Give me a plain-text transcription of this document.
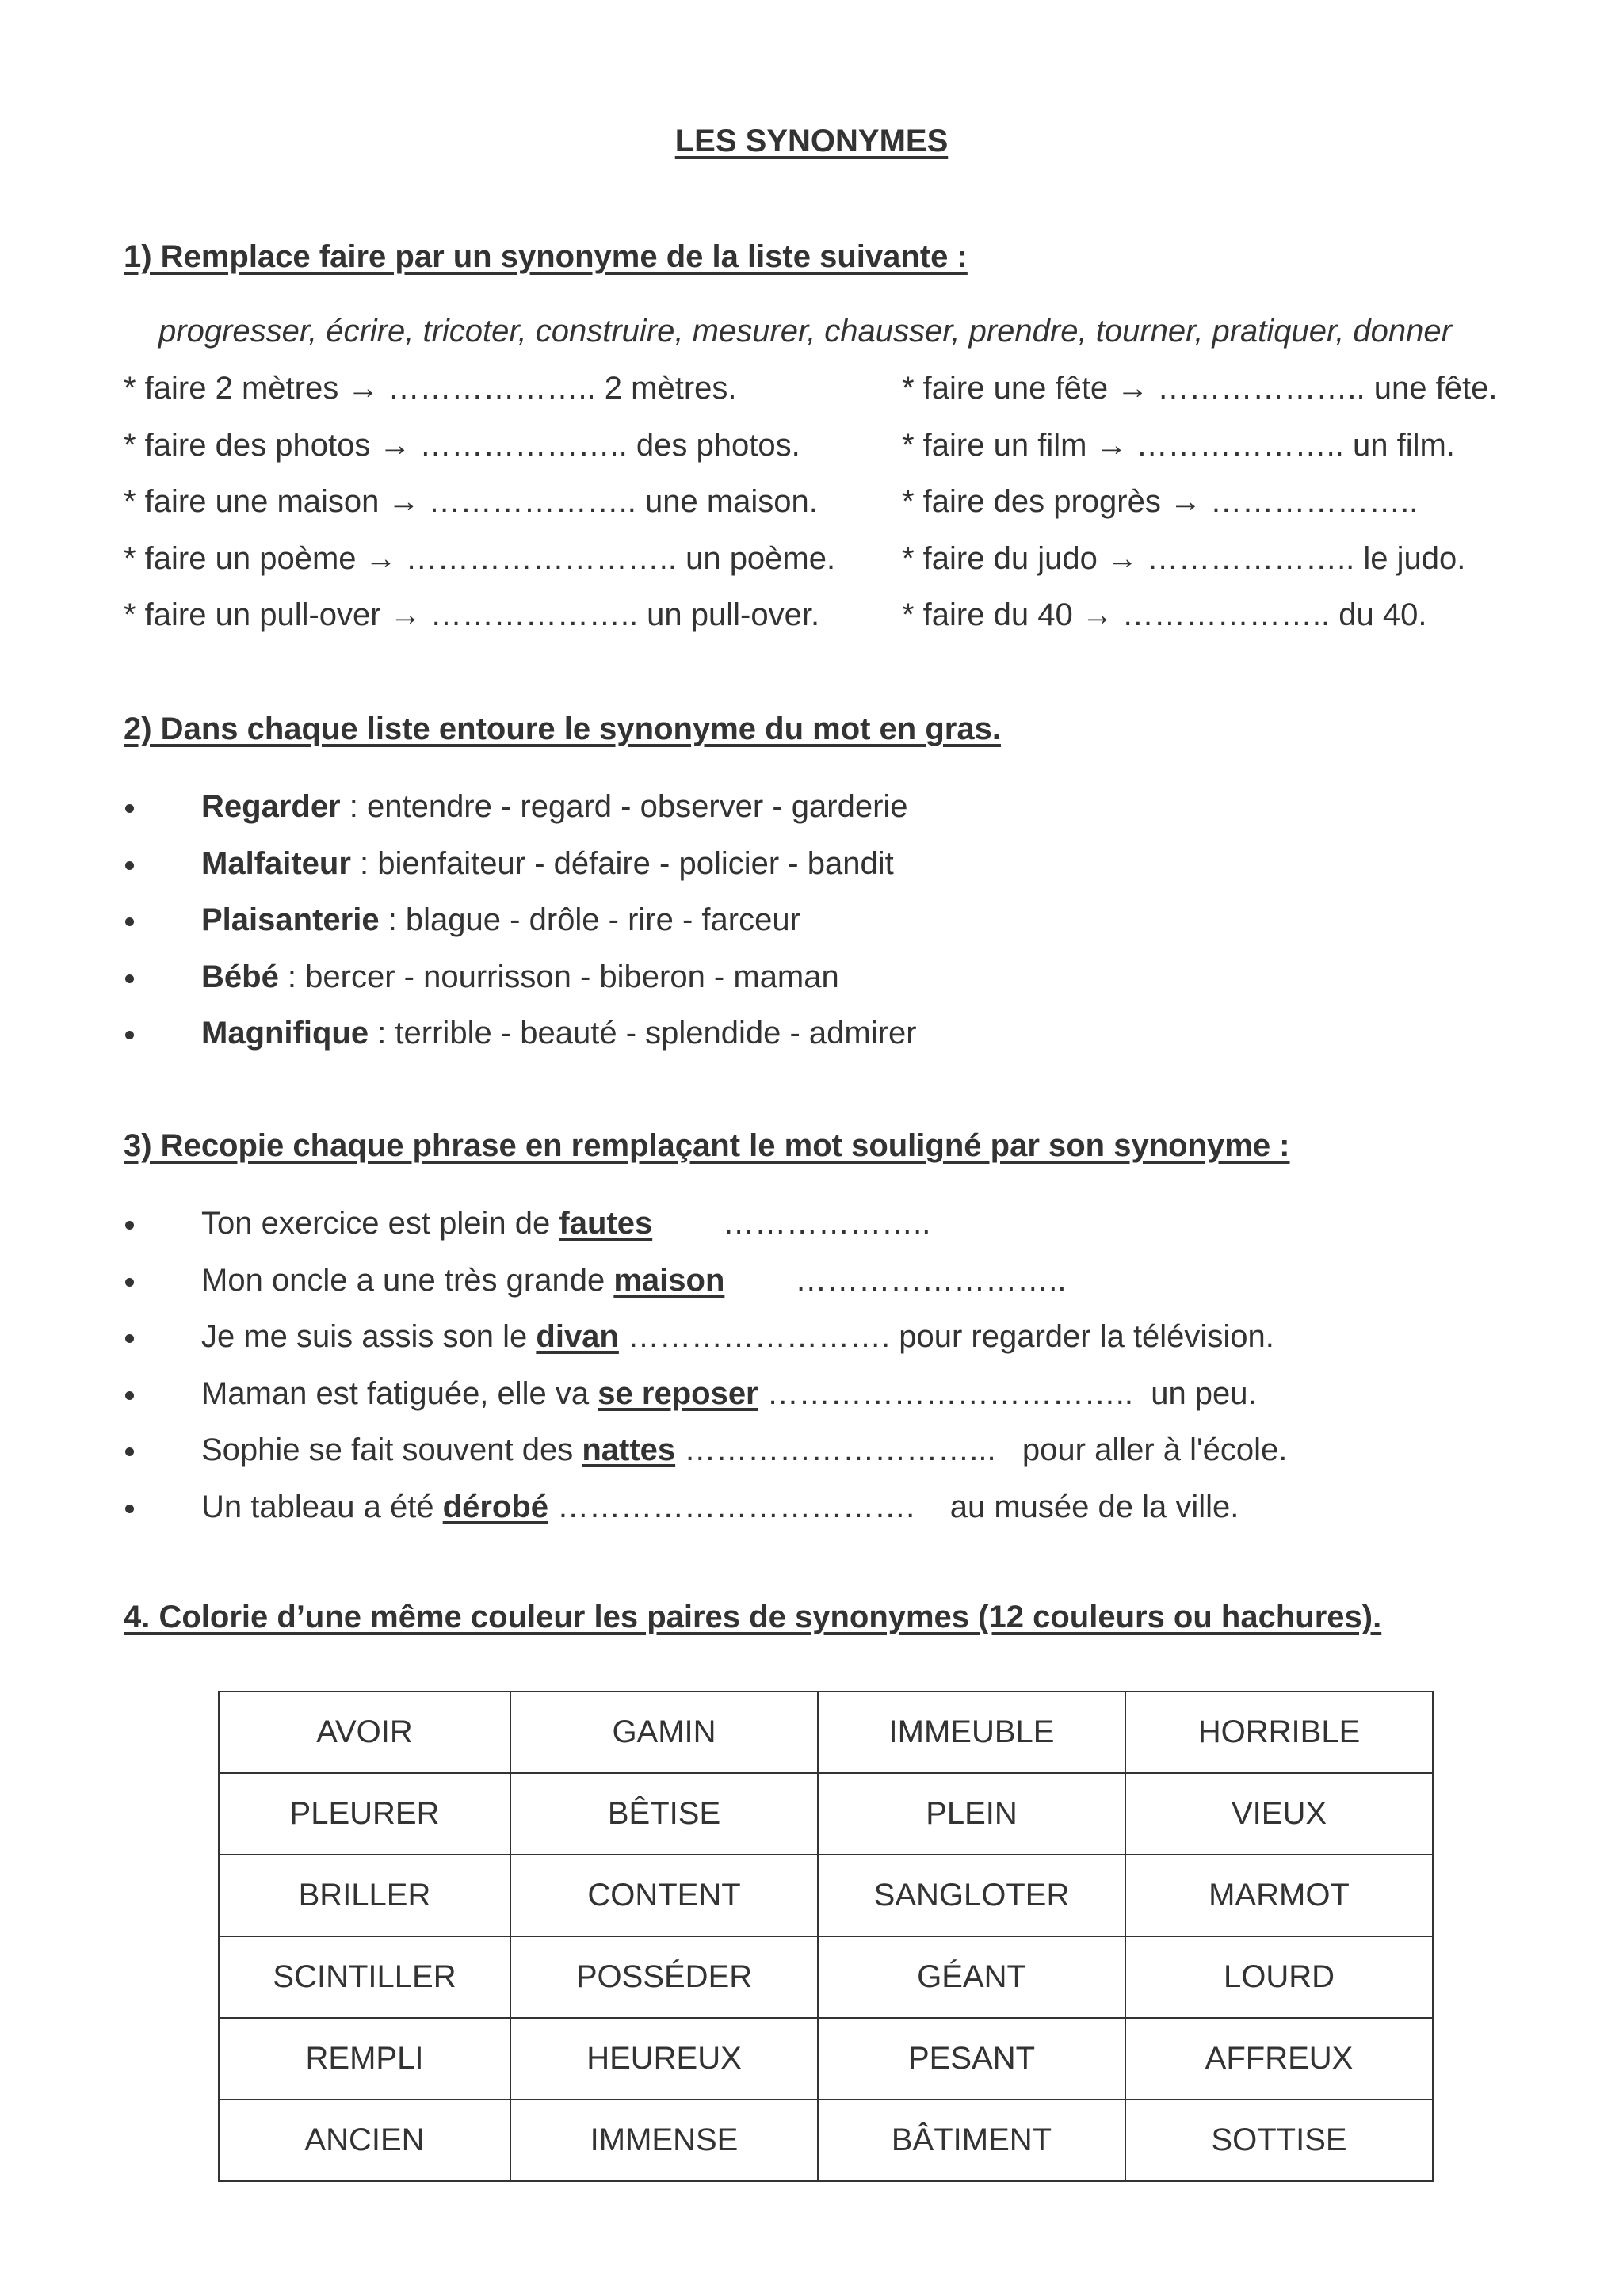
LES SYNONYMES
1) Remplace faire par un synonyme de la liste suivante :
progresser, écrire, tricoter, construire, mesurer, chausser, prendre, tourner, pratiquer, donner
* faire 2 mètres → ……………….. 2 mètres.
* faire des photos → ……………….. des photos.
* faire une maison → ……………….. une maison.
* faire un poème → …………………….. un poème.
* faire un pull-over → ……………….. un pull-over.
* faire une fête → ……………….. une fête.
* faire un film → ……………….. un film.
* faire des progrès → ………………..
* faire du judo → ……………….. le judo.
* faire du 40 → ……………….. du 40.
2) Dans chaque liste entoure le synonyme du mot en gras.
Regarder : entendre - regard - observer - garderie
Malfaiteur : bienfaiteur - défaire - policier - bandit
Plaisanterie : blague - drôle - rire - farceur
Bébé : bercer - nourrisson - biberon - maman
Magnifique : terrible - beauté - splendide - admirer
3) Recopie chaque phrase en remplaçant le mot souligné par son synonyme :
Ton exercice est plein de fautes        ………………..
Mon oncle a une très grande maison        ……………………..
Je me suis assis son le divan ……………………. pour regarder la télévision.
Maman est fatiguée, elle va se reposer ……………………………..  un peu.
Sophie se fait souvent des nattes ………………………...   pour aller à l'école.
Un tableau a été dérobé …………………………….    au musée de la ville.
4. Colorie d’une même couleur les paires de synonymes (12 couleurs ou hachures).
AVOIR	GAMIN	IMMEUBLE	HORRIBLE
PLEURER	BÊTISE	PLEIN	VIEUX
BRILLER	CONTENT	SANGLOTER	MARMOT
SCINTILLER	POSSÉDER	GÉANT	LOURD
REMPLI	HEUREUX	PESANT	AFFREUX
ANCIEN	IMMENSE	BÂTIMENT	SOTTISE
